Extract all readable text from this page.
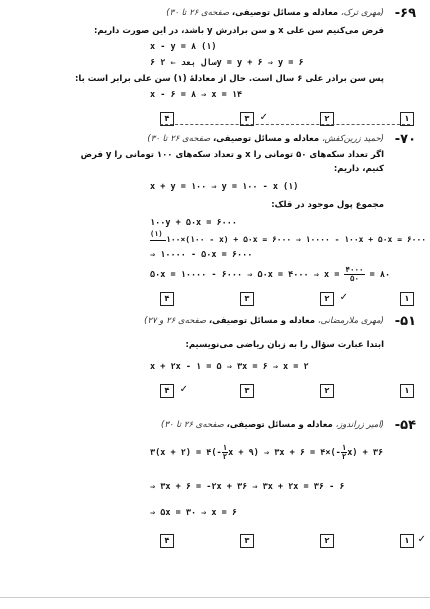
-۶۹
(مهری ترک، معادله و مسائل توصیفی، صفحه‌ی ۲۶ تا ۳۰)
فرض می‌کنیم سن علی x و سن برادرش y باشد، در این صورت داریم:
x - y = ۸ (۱)
۶ سال بعد ⇐ ۲y = y + ۶ ⇒ y = ۶
پس سن برادر علی ۶ سال است. حال از معادلهٔ (۱) سن علی برابر است با:
x - ۶ = ۸ ⇒ x = ۱۴
۱
۲
۳	✓
۴
-۷۰
(حمید زرین‌کفش، معادله و مسائل توصیفی، صفحه‌ی ۲۶ تا ۳۰)
اگر تعداد سکه‌های ۵۰ تومانی را x و تعداد سکه‌های ۱۰۰ تومانی را y فرض
کنیم، داریم:
x + y = ۱۰۰ ⇒ y = ۱۰۰ - x (۱)
مجموع پول موجود در قلک:
۱۰۰y + ۵۰x = ۶۰۰۰
(۱)
۱۰۰×(۱۰۰ - x) + ۵۰x = ۶۰۰۰ ⇒ ۱۰۰۰۰ - ۱۰۰x + ۵۰x = ۶۰۰۰
⇒ ۱۰۰۰۰ - ۵۰x = ۶۰۰۰
۵۰x = ۱۰۰۰۰ - ۶۰۰۰ ⇒ ۵۰x = ۴۰۰۰ ⇒ $x = \frac{۴۰۰۰}{۵۰}$ = ۸۰
۱
۲	✓
۳
۴
-۵۱
(مهری ملارمضانی، معادله و مسائل توصیفی، صفحه‌ی ۲۶ و ۲۷)
ابتدا عبارت سؤال را به زبان ریاضی می‌نویسیم:
x + ۲x - ۱ = ۵ ⇒ ۳x = ۶ ⇒ x = ۲
۱
۲
۳
۴	✓
-۵۴
(امیر زراندوز، معادله و مسائل توصیفی، صفحه‌ی ۲۶ تا ۳۰)
۳(x + ۲) = ۴(- $\frac{۱}{۲}$ x + ۹) ⇒ ۳x + ۶ = ۴×(- $\frac{۱}{۲} x$) + ۳۶
⇒ ۳x + ۶ = -۲x + ۳۶ ⇒ ۳x + ۲x = ۳۶ - ۶
⇒ ۵x = ۳۰ ⇒ x = ۶
۱ ✓
۲
۳
۴
